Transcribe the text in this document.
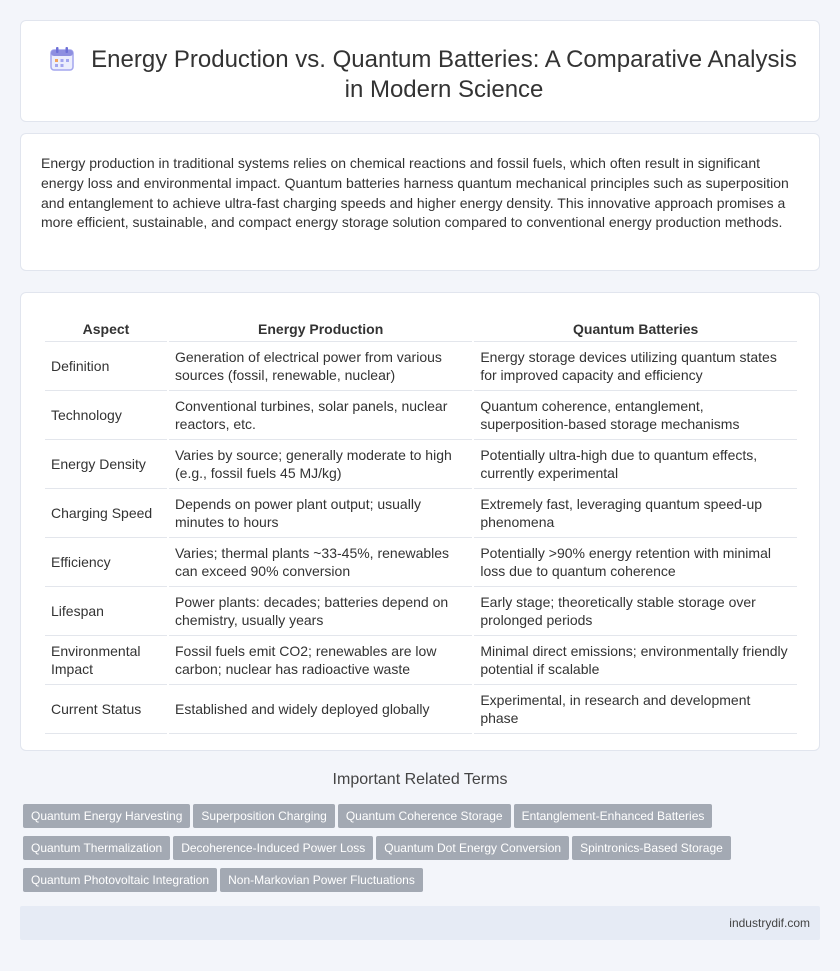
Energy Production vs. Quantum Batteries: A Comparative Analysis in Modern Science

Energy production in traditional systems relies on chemical reactions and fossil fuels, which often result in significant energy loss and environmental impact. Quantum batteries harness quantum mechanical principles such as superposition and entanglement to achieve ultra-fast charging speeds and higher energy density. This innovative approach promises a more efficient, sustainable, and compact energy storage solution compared to conventional energy production methods.

Aspect	Energy Production	Quantum Batteries
Definition	Generation of electrical power from various sources (fossil, renewable, nuclear)	Energy storage devices utilizing quantum states for improved capacity and efficiency
Technology	Conventional turbines, solar panels, nuclear reactors, etc.	Quantum coherence, entanglement, superposition-based storage mechanisms
Energy Density	Varies by source; generally moderate to high (e.g., fossil fuels 45 MJ/kg)	Potentially ultra-high due to quantum effects, currently experimental
Charging Speed	Depends on power plant output; usually minutes to hours	Extremely fast, leveraging quantum speed-up phenomena
Efficiency	Varies; thermal plants ~33-45%, renewables can exceed 90% conversion	Potentially >90% energy retention with minimal loss due to quantum coherence
Lifespan	Power plants: decades; batteries depend on chemistry, usually years	Early stage; theoretically stable storage over prolonged periods
Environmental Impact	Fossil fuels emit CO2; renewables are low carbon; nuclear has radioactive waste	Minimal direct emissions; environmentally friendly potential if scalable
Current Status	Established and widely deployed globally	Experimental, in research and development phase
Important Related Terms
Quantum Energy Harvesting Superposition Charging Quantum Coherence Storage Entanglement-Enhanced Batteries
Quantum Thermalization Decoherence-Induced Power Loss Quantum Dot Energy Conversion Spintronics-Based Storage
Quantum Photovoltaic Integration Non-Markovian Power Fluctuations
industrydif.com
